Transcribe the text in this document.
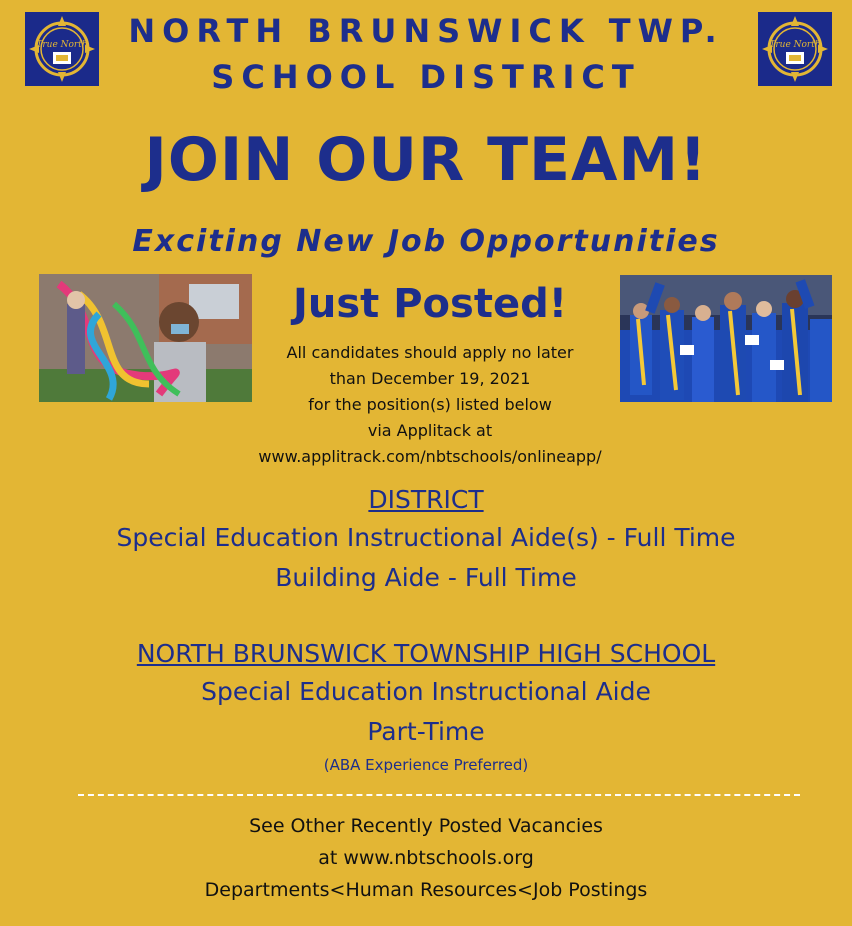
True North	True North
NORTH BRUNSWICK TWP.
SCHOOL DISTRICT
JOIN OUR TEAM!
Exciting New Job Opportunities
Just Posted!
All candidates should apply no later
than December 19, 2021
for the position(s) listed below
via Applitack at
www.applitrack.com/nbtschools/onlineapp/
DISTRICT
Special Education Instructional Aide(s) - Full Time
Building Aide - Full Time
NORTH BRUNSWICK TOWNSHIP HIGH SCHOOL
Special Education Instructional Aide
Part-Time
(ABA Experience Preferred)
See Other Recently Posted Vacancies
at www.nbtschools.org
Departments<Human Resources<Job Postings
